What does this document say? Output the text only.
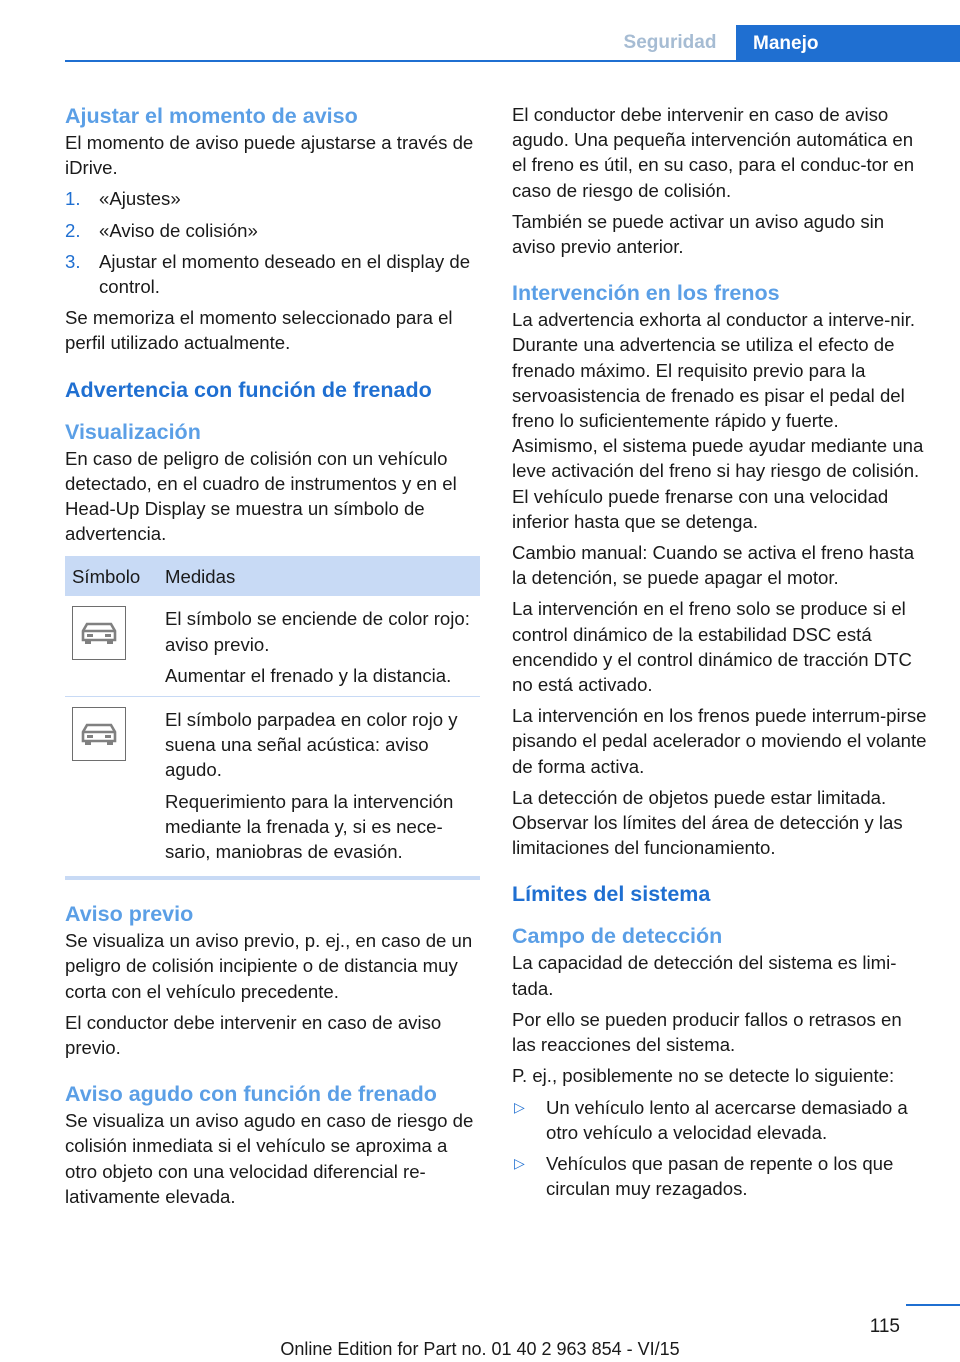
Seguridad	Manejo
Ajustar el momento de aviso

El momento de aviso puede ajustarse a través de iDrive.

1. «Ajustes»
2. «Aviso de colisión»
3. Ajustar el momento deseado en el display de control.

Se memoriza el momento seleccionado para el perfil utilizado actualmente.

Advertencia con función de frenado
Visualización

En caso de peligro de colisión con un vehículo detectado, en el cuadro de instrumentos y en el Head-Up Display se muestra un símbolo de advertencia.

Símbolo	Medidas

El símbolo se enciende de color rojo: aviso previo.

Aumentar el frenado y la distancia.

El símbolo parpadea en color rojo y suena una señal acústica: aviso agudo.

Requerimiento para la intervención mediante la frenada y, si es nece‐sario, maniobras de evasión.

Aviso previo

Se visualiza un aviso previo, p. ej., en caso de un peligro de colisión incipiente o de distancia muy corta con el vehículo precedente.

El conductor debe intervenir en caso de aviso previo.

Aviso agudo con función de frenado

Se visualiza un aviso agudo en caso de riesgo de colisión inmediata si el vehículo se aproxima a otro objeto con una velocidad diferencial re‐lativamente elevada.

El conductor debe intervenir en caso de aviso agudo. Una pequeña intervención automática en el freno es útil, en su caso, para el conduc‐tor en caso de riesgo de colisión.

También se puede activar un aviso agudo sin aviso previo anterior.

Intervención en los frenos

La advertencia exhorta al conductor a interve‐nir. Durante una advertencia se utiliza el efecto de frenado máximo. El requisito previo para la servoasistencia de frenado es pisar el pedal del freno lo suficientemente rápido y fuerte. Asimismo, el sistema puede ayudar mediante una leve activación del freno si hay riesgo de colisión. El vehículo puede frenarse con una velocidad inferior hasta que se detenga.

Cambio manual: Cuando se activa el freno hasta la detención, se puede apagar el motor.

La intervención en el freno solo se produce si el control dinámico de la estabilidad DSC está encendido y el control dinámico de tracción DTC no está activado.

La intervención en los frenos puede interrum‐pirse pisando el pedal acelerador o moviendo el volante de forma activa.

La detección de objetos puede estar limitada. Observar los límites del área de detección y las limitaciones del funcionamiento.

Límites del sistema
Campo de detección

La capacidad de detección del sistema es limi‐tada.

Por ello se pueden producir fallos o retrasos en las reacciones del sistema.

P. ej., posiblemente no se detecte lo siguiente:

▷ Un vehículo lento al acercarse demasiado a otro vehículo a velocidad elevada.
▷ Vehículos que pasan de repente o los que circulan muy rezagados.
115
Online Edition for Part no. 01 40 2 963 854 - VI/15
